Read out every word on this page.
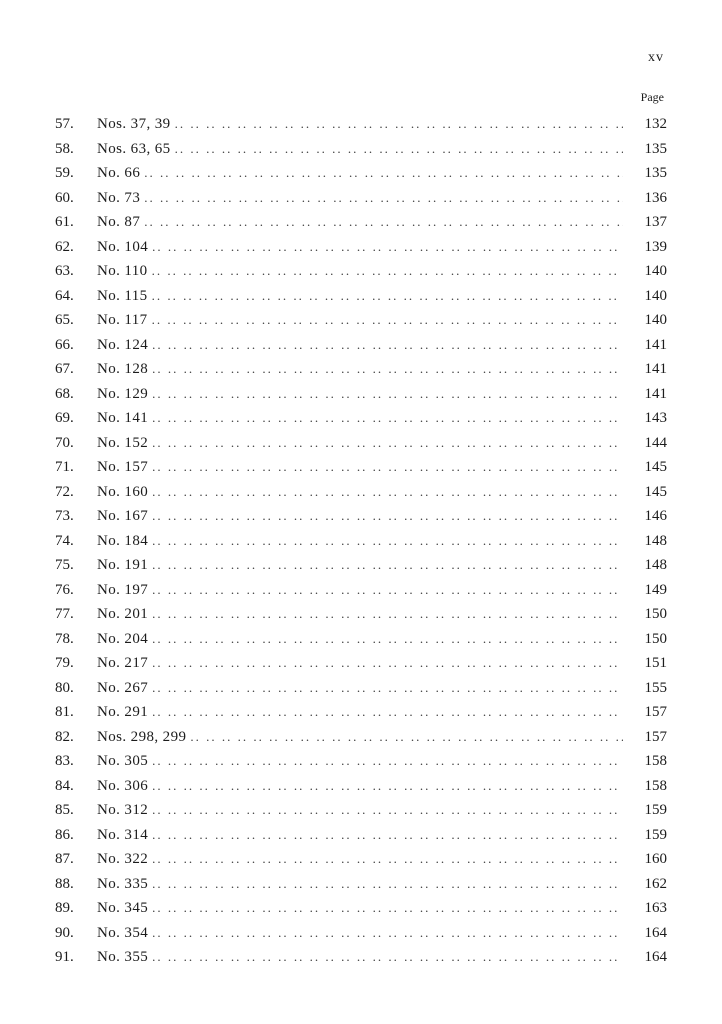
xv
Page
57.	Nos. 37, 39 .. ..	132
58.	Nos. 63, 65 .. ..	135
59.	No. 66 .. ..	135
60.	No. 73 .. ..	136
61.	No. 87 .. ..	137
62.	No. 104 .. ..	139
63.	No. 110 .. ..	140
64.	No. 115 .. ..	140
65.	No. 117 .. ..	140
66.	No. 124 .. ..	141
67.	No. 128 .. ..	141
68.	No. 129 .. ..	141
69.	No. 141 .. ..	143
70.	No. 152 .. ..	144
71.	No. 157 .. ..	145
72.	No. 160 .. ..	145
73.	No. 167 .. ..	146
74.	No. 184 .. ..	148
75.	No. 191 .. ..	148
76.	No. 197 .. ..	149
77.	No. 201 .. ..	150
78.	No. 204 .. ..	150
79.	No. 217 .. ..	151
80.	No. 267 .. ..	155
81.	No. 291 .. ..	157
82.	Nos. 298, 299 .. ..	157
83.	No. 305 .. ..	158
84.	No. 306 .. ..	158
85.	No. 312 .. ..	159
86.	No. 314 .. ..	159
87.	No. 322 .. ..	160
88.	No. 335 .. ..	162
89.	No. 345 .. ..	163
90.	No. 354 .. ..	164
91.	No. 355 .. ..	164
